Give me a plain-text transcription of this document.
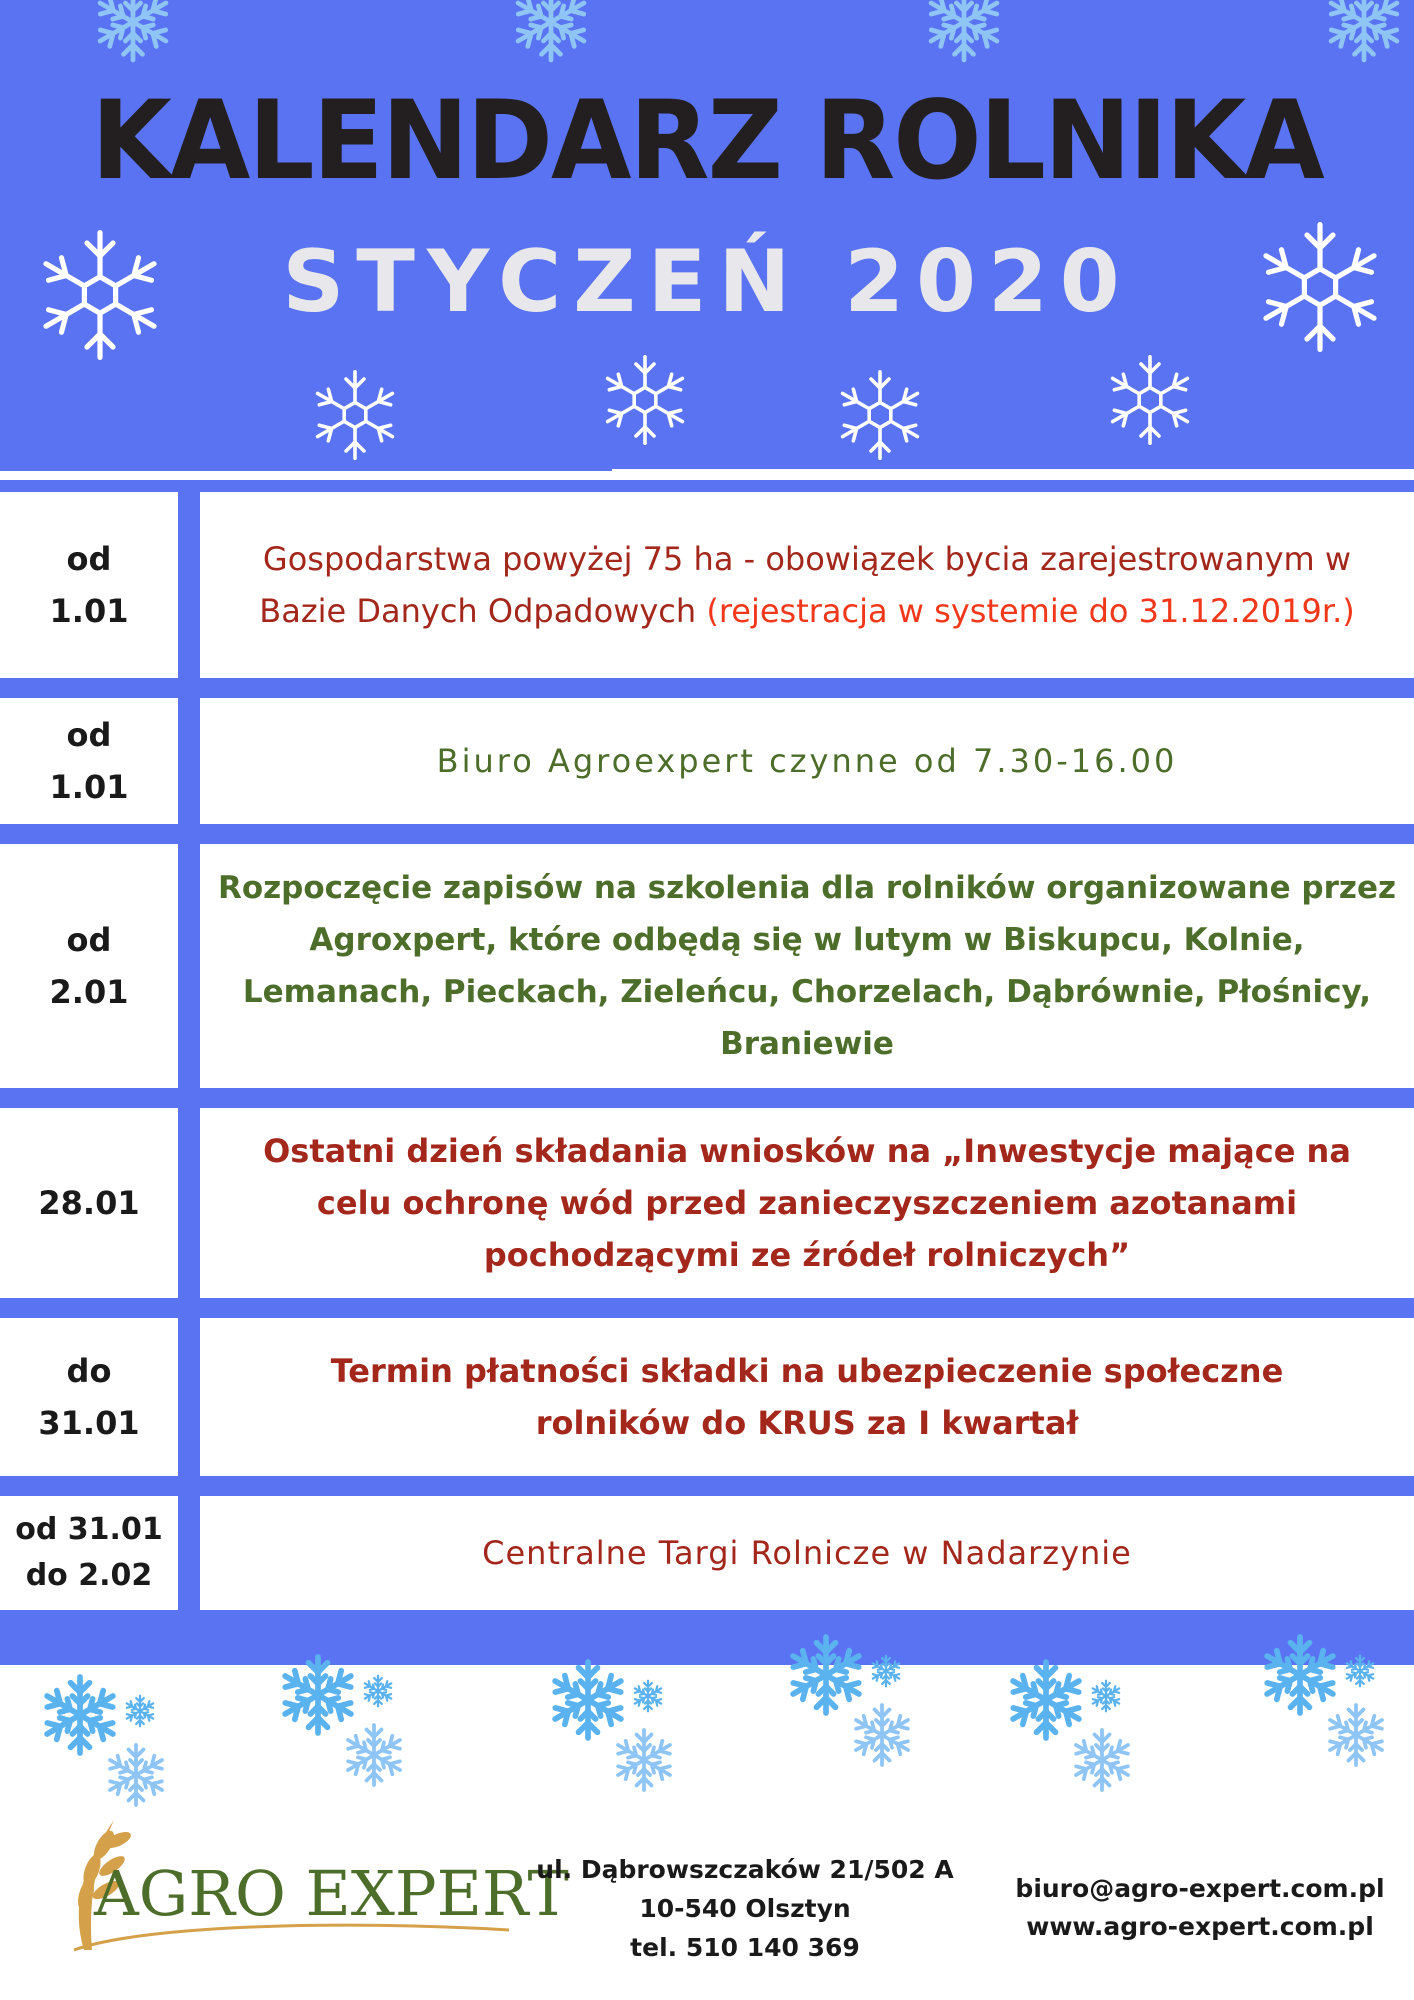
KALENDARZ ROLNIKA
STYCZEŃ 2020
od
1.01
Gospodarstwa powyżej 75 ha - obowiązek bycia zarejestrowanym w Bazie Danych Odpadowych (rejestracja w systemie do 31.12.2019r.)
od
1.01
Biuro Agroexpert czynne od 7.30-16.00
od
2.01
Rozpoczęcie zapisów na szkolenia dla rolników organizowane przez Agroxpert, które odbędą się w lutym w Biskupcu, Kolnie, Lemanach, Pieckach, Zieleńcu, Chorzelach, Dąbrównie, Płośnicy, Braniewie
28.01
Ostatni dzień składania wniosków na „Inwestycje mające na celu ochronę wód przed zanieczyszczeniem azotanami pochodzącymi ze źródeł rolniczych”
do
31.01
Termin płatności składki na ubezpieczenie społeczne rolników do KRUS za I kwartał
od 31.01
do 2.02
Centralne Targi Rolnicze w Nadarzynie
AGRO EXPERT
ul. Dąbrowszczaków 21/502 A
10-540 Olsztyn
tel. 510 140 369
biuro@agro-expert.com.pl
www.agro-expert.com.pl
